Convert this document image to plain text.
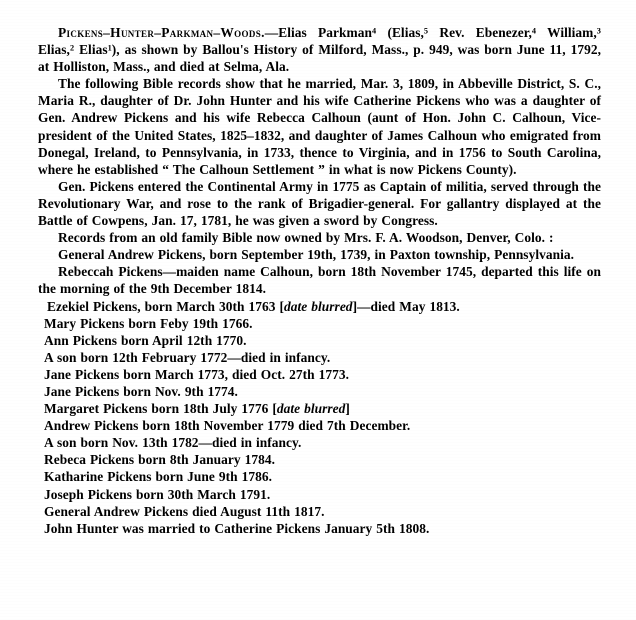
Pickens–Hunter–Parkman–Woods.—Elias Parkman$^4$ (Elias,$^5$ Rev. Ebenezer,$^4$ William,$^3$ Elias,$^2$ Elias$^1$), as shown by Ballou's History of Milford, Mass., p. 949, was born June 11, 1792, at Holliston, Mass., and died at Selma, Ala.

The following Bible records show that he married, Mar. 3, 1809, in Abbeville District, S. C., Maria R., daughter of Dr. John Hunter and his wife Catherine Pickens who was a daughter of Gen. Andrew Pickens and his wife Rebecca Calhoun (aunt of Hon. John C. Calhoun, Vice-president of the United States, 1825–1832, and daughter of James Calhoun who emigrated from Donegal, Ireland, to Pennsylvania, in 1733, thence to Virginia, and in 1756 to South Carolina, where he established “ The Calhoun Settlement ” in what is now Pickens County).

Gen. Pickens entered the Continental Army in 1775 as Captain of militia, served through the Revolutionary War, and rose to the rank of Brigadier-general. For gallantry displayed at the Battle of Cowpens, Jan. 17, 1781, he was given a sword by Congress.

Records from an old family Bible now owned by Mrs. F. A. Woodson, Denver, Colo. :

General Andrew Pickens, born September 19th, 1739, in Paxton township, Pennsylvania.

Rebeccah Pickens—maiden name Calhoun, born 18th November 1745, departed this life on the morning of the 9th December 1814.

Ezekiel Pickens, born March 30th 1763 [date blurred]—died May 1813.
Mary Pickens born Feby 19th 1766.
Ann Pickens born April 12th 1770.
A son born 12th February 1772—died in infancy.
Jane Pickens born March 1773, died Oct. 27th 1773.
Jane Pickens born Nov. 9th 1774.
Margaret Pickens born 18th July 1776 [date blurred]
Andrew Pickens born 18th November 1779 died 7th December.
A son born Nov. 13th 1782—died in infancy.
Rebeca Pickens born 8th January 1784.
Katharine Pickens born June 9th 1786.
Joseph Pickens born 30th March 1791.
General Andrew Pickens died August 11th 1817.
John Hunter was married to Catherine Pickens January 5th 1808.
